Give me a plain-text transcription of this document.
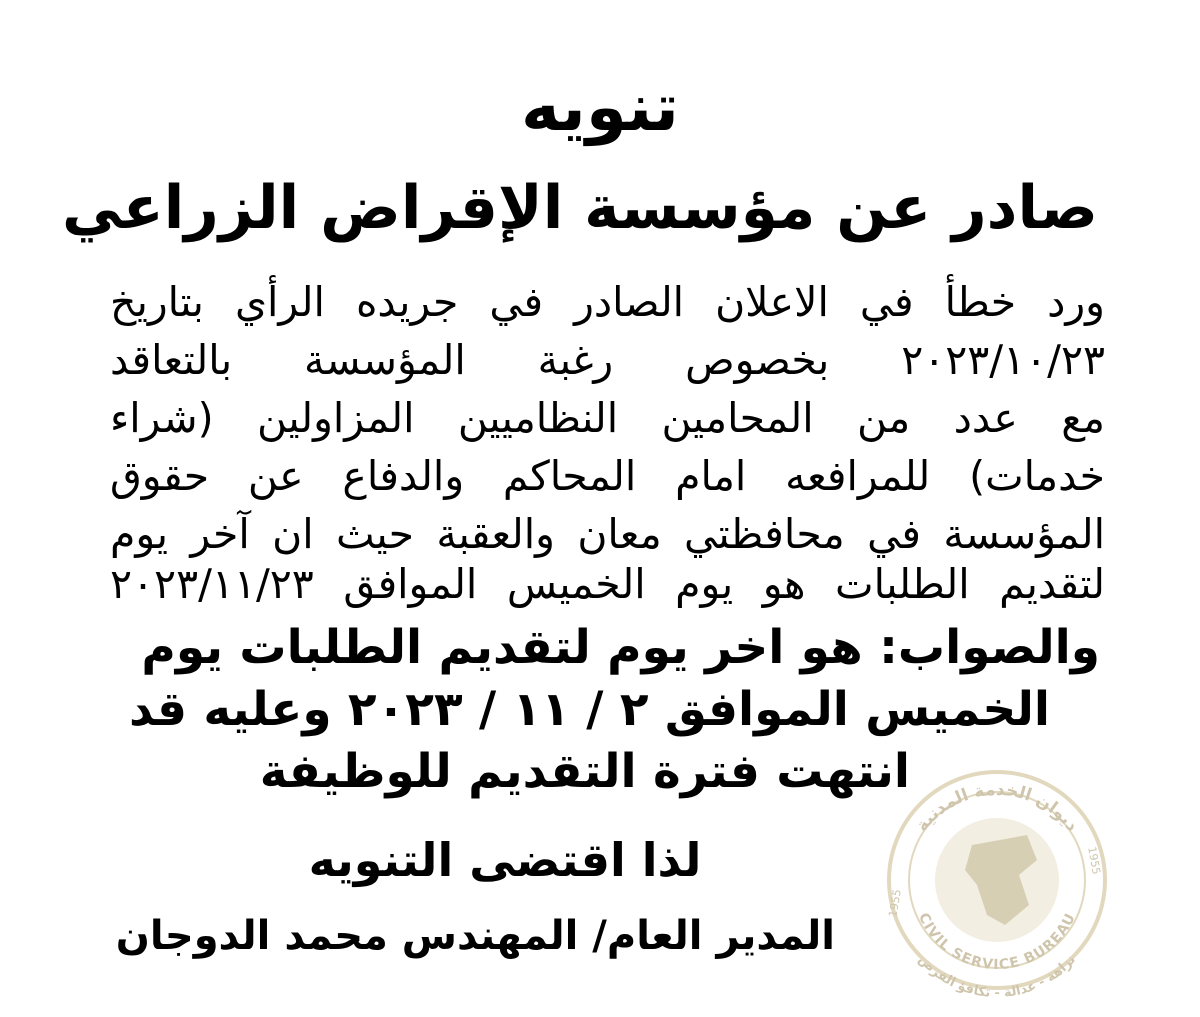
تنويه
صادر عن مؤسسة الإقراض الزراعي
ورد خطأ في الاعلان الصادر في جريده الرأي بتاريخ
٢٠٢٣/١٠/٢٣ بخصوص رغبة المؤسسة بالتعاقد
مع عدد من المحامين النظاميين المزاولين (شراء
خدمات) للمرافعه امام المحاكم والدفاع عن حقوق
المؤسسة في محافظتي معان والعقبة حيث ان آخر يوم
لتقديم الطلبات هو يوم الخميس الموافق ٢٠٢٣/١١/٢٣
والصواب: هو اخر يوم لتقديم الطلبات يوم
الخميس الموافق ٢ / ١١ / ٢٠٢٣ وعليه قد
انتهت فترة التقديم للوظيفة
لذا اقتضى التنويه
المدير العام/ المهندس محمد الدوجان
ديوان الخدمة المدنية
CIVIL SERVICE BUREAU
1955
1955
نزاهة - عدالة - تكافؤ الفرص
